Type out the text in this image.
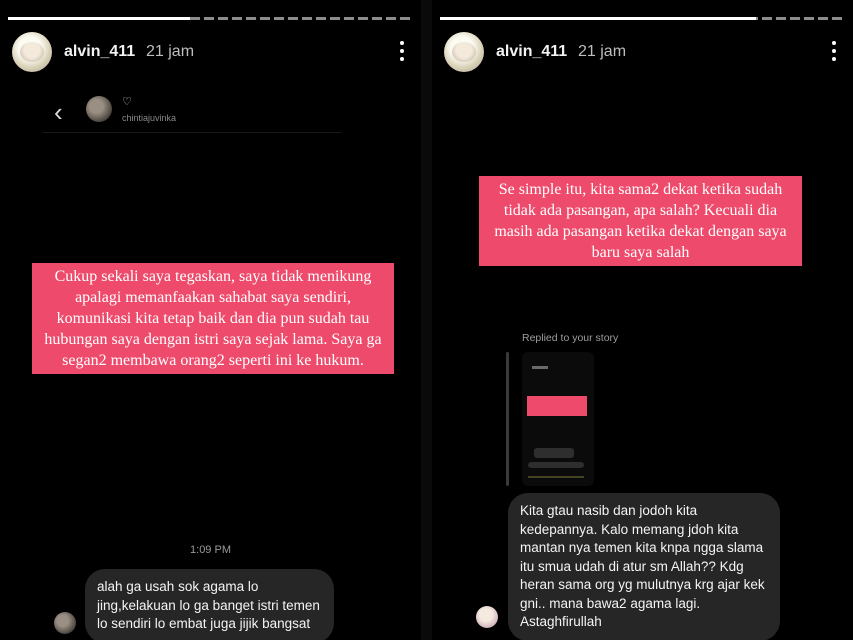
alvin_411 21 jam
‹	♡
chintiajuvinka
Cukup sekali saya tegaskan, saya tidak menikung apalagi memanfaakan sahabat saya sendiri, komunikasi kita tetap baik dan dia pun sudah tau hubungan saya dengan istri saya sejak lama. Saya ga segan2 membawa orang2 seperti ini ke hukum.
1:09 PM
alah ga usah sok agama lo jing,kelakuan lo ga banget istri temen lo sendiri lo embat juga jijik bangsat
alvin_411 21 jam
Se simple itu, kita sama2 dekat ketika sudah tidak ada pasangan, apa salah? Kecuali dia masih ada pasangan ketika dekat dengan saya baru saya salah
Replied to your story
Kita gtau nasib dan jodoh kita kedepannya. Kalo memang jdoh kita mantan nya temen kita knpa ngga slama itu smua udah di atur sm Allah?? Kdg heran sama org yg mulutnya krg ajar kek gni.. mana bawa2 agama lagi. Astaghfirullah
